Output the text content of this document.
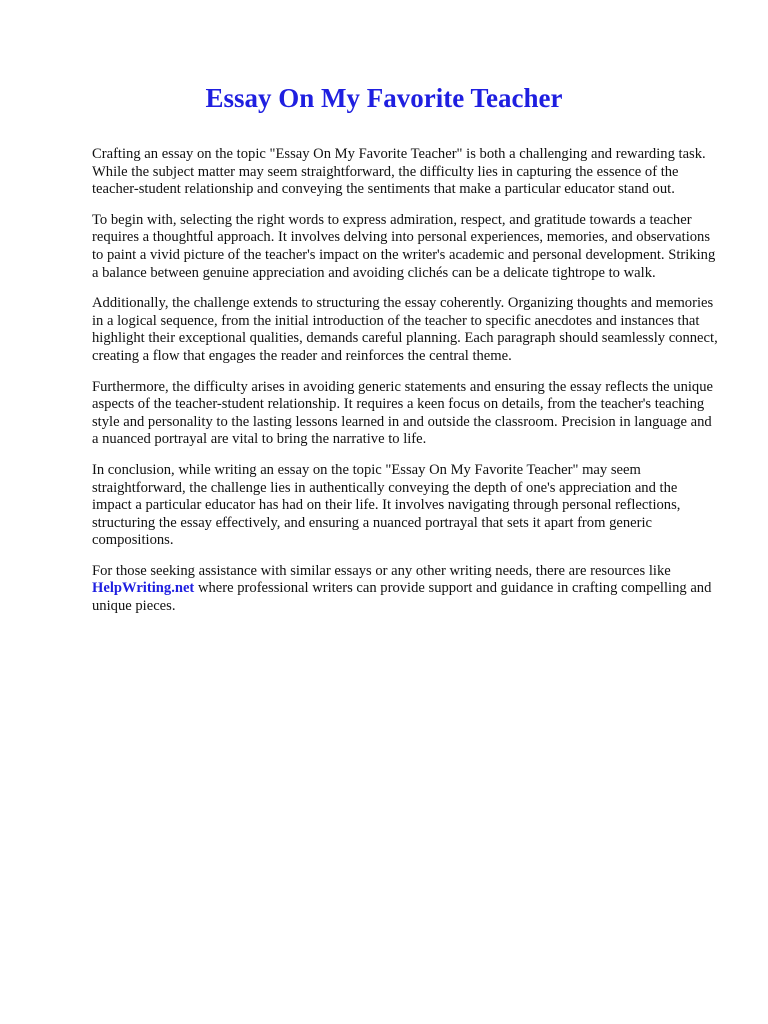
Essay On My Favorite Teacher

Crafting an essay on the topic "Essay On My Favorite Teacher" is both a challenging and rewarding task. While the subject matter may seem straightforward, the difficulty lies in capturing the essence of the teacher-student relationship and conveying the sentiments that make a particular educator stand out.

To begin with, selecting the right words to express admiration, respect, and gratitude towards a teacher requires a thoughtful approach. It involves delving into personal experiences, memories, and observations to paint a vivid picture of the teacher's impact on the writer's academic and personal development. Striking a balance between genuine appreciation and avoiding clichés can be a delicate tightrope to walk.

Additionally, the challenge extends to structuring the essay coherently. Organizing thoughts and memories in a logical sequence, from the initial introduction of the teacher to specific anecdotes and instances that highlight their exceptional qualities, demands careful planning. Each paragraph should seamlessly connect, creating a flow that engages the reader and reinforces the central theme.

Furthermore, the difficulty arises in avoiding generic statements and ensuring the essay reflects the unique aspects of the teacher-student relationship. It requires a keen focus on details, from the teacher's teaching style and personality to the lasting lessons learned in and outside the classroom. Precision in language and a nuanced portrayal are vital to bring the narrative to life.

In conclusion, while writing an essay on the topic "Essay On My Favorite Teacher" may seem straightforward, the challenge lies in authentically conveying the depth of one's appreciation and the impact a particular educator has had on their life. It involves navigating through personal reflections, structuring the essay effectively, and ensuring a nuanced portrayal that sets it apart from generic compositions.

For those seeking assistance with similar essays or any other writing needs, there are resources like HelpWriting.net where professional writers can provide support and guidance in crafting compelling and unique pieces.
